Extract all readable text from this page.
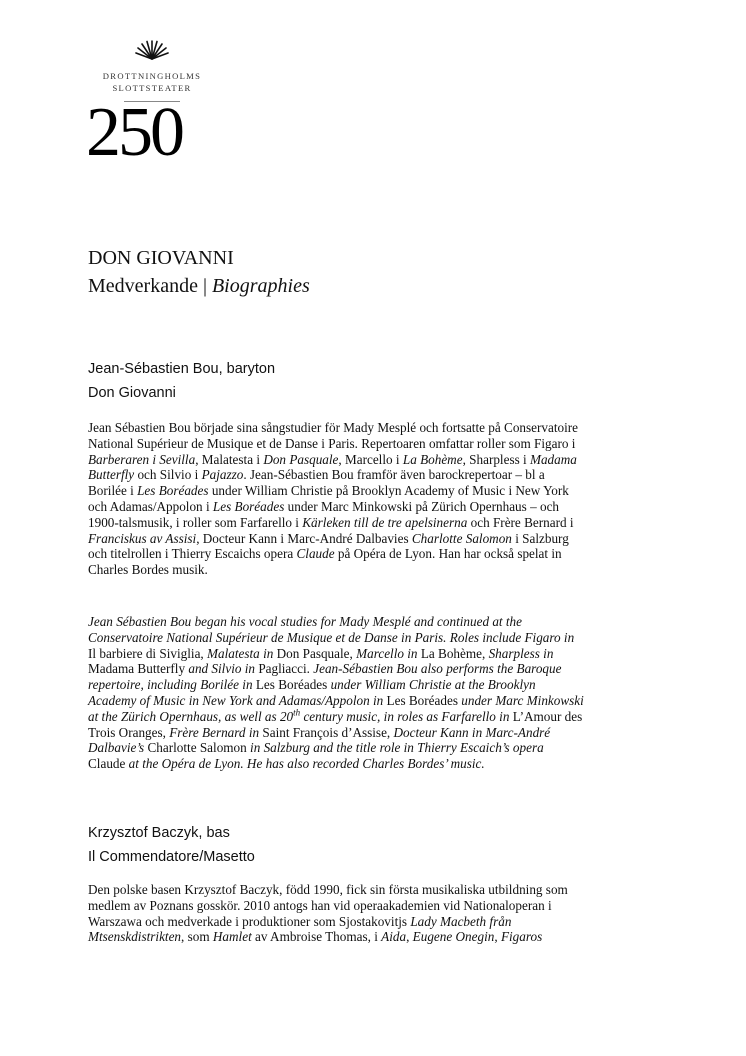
DROTTNINGHOLMS
SLOTTSTEATER
250
DON GIOVANNI
Medverkande | Biographies
Jean-Sébastien Bou, baryton
Don Giovanni
Jean Sébastien Bou började sina sångstudier för Mady Mesplé och fortsatte på Conservatoire
National Supérieur de Musique et de Danse i Paris. Repertoaren omfattar roller som Figaro i
Barberaren i Sevilla, Malatesta i Don Pasquale, Marcello i La Bohème, Sharpless i Madama
Butterfly och Silvio i Pajazzo. Jean-Sébastien Bou framför även barockrepertoar – bl a
Borilée i Les Boréades under William Christie på Brooklyn Academy of Music i New York
och Adamas/Appolon i Les Boréades under Marc Minkowski på Zürich Opernhaus – och
1900-talsmusik, i roller som Farfarello i Kärleken till de tre apelsinerna och Frère Bernard i
Franciskus av Assisi, Docteur Kann i Marc-André Dalbavies Charlotte Salomon i Salzburg
och titelrollen i Thierry Escaichs opera Claude på Opéra de Lyon. Han har också spelat in
Charles Bordes musik.
Jean Sébastien Bou began his vocal studies for Mady Mesplé and continued at the
Conservatoire National Supérieur de Musique et de Danse in Paris. Roles include Figaro in
Il barbiere di Siviglia, Malatesta in Don Pasquale, Marcello in La Bohème, Sharpless in
Madama Butterfly and Silvio in Pagliacci. Jean-Sébastien Bou also performs the Baroque
repertoire, including Borilée in Les Boréades under William Christie at the Brooklyn
Academy of Music in New York and Adamas/Appolon in Les Boréades under Marc Minkowski
at the Zürich Opernhaus, as well as 20th century music, in roles as Farfarello in L’Amour des
Trois Oranges, Frère Bernard in Saint François d’Assise, Docteur Kann in Marc-André
Dalbavie’s Charlotte Salomon in Salzburg and the title role in Thierry Escaich’s opera
Claude at the Opéra de Lyon. He has also recorded Charles Bordes’ music.
Krzysztof Baczyk, bas
Il Commendatore/Masetto
Den polske basen Krzysztof Baczyk, född 1990, fick sin första musikaliska utbildning som
medlem av Poznans gosskör. 2010 antogs han vid operaakademien vid Nationaloperan i
Warszawa och medverkade i produktioner som Sjostakovitjs Lady Macbeth från
Mtsenskdistrikten, som Hamlet av Ambroise Thomas, i Aida, Eugene Onegin, Figaros
